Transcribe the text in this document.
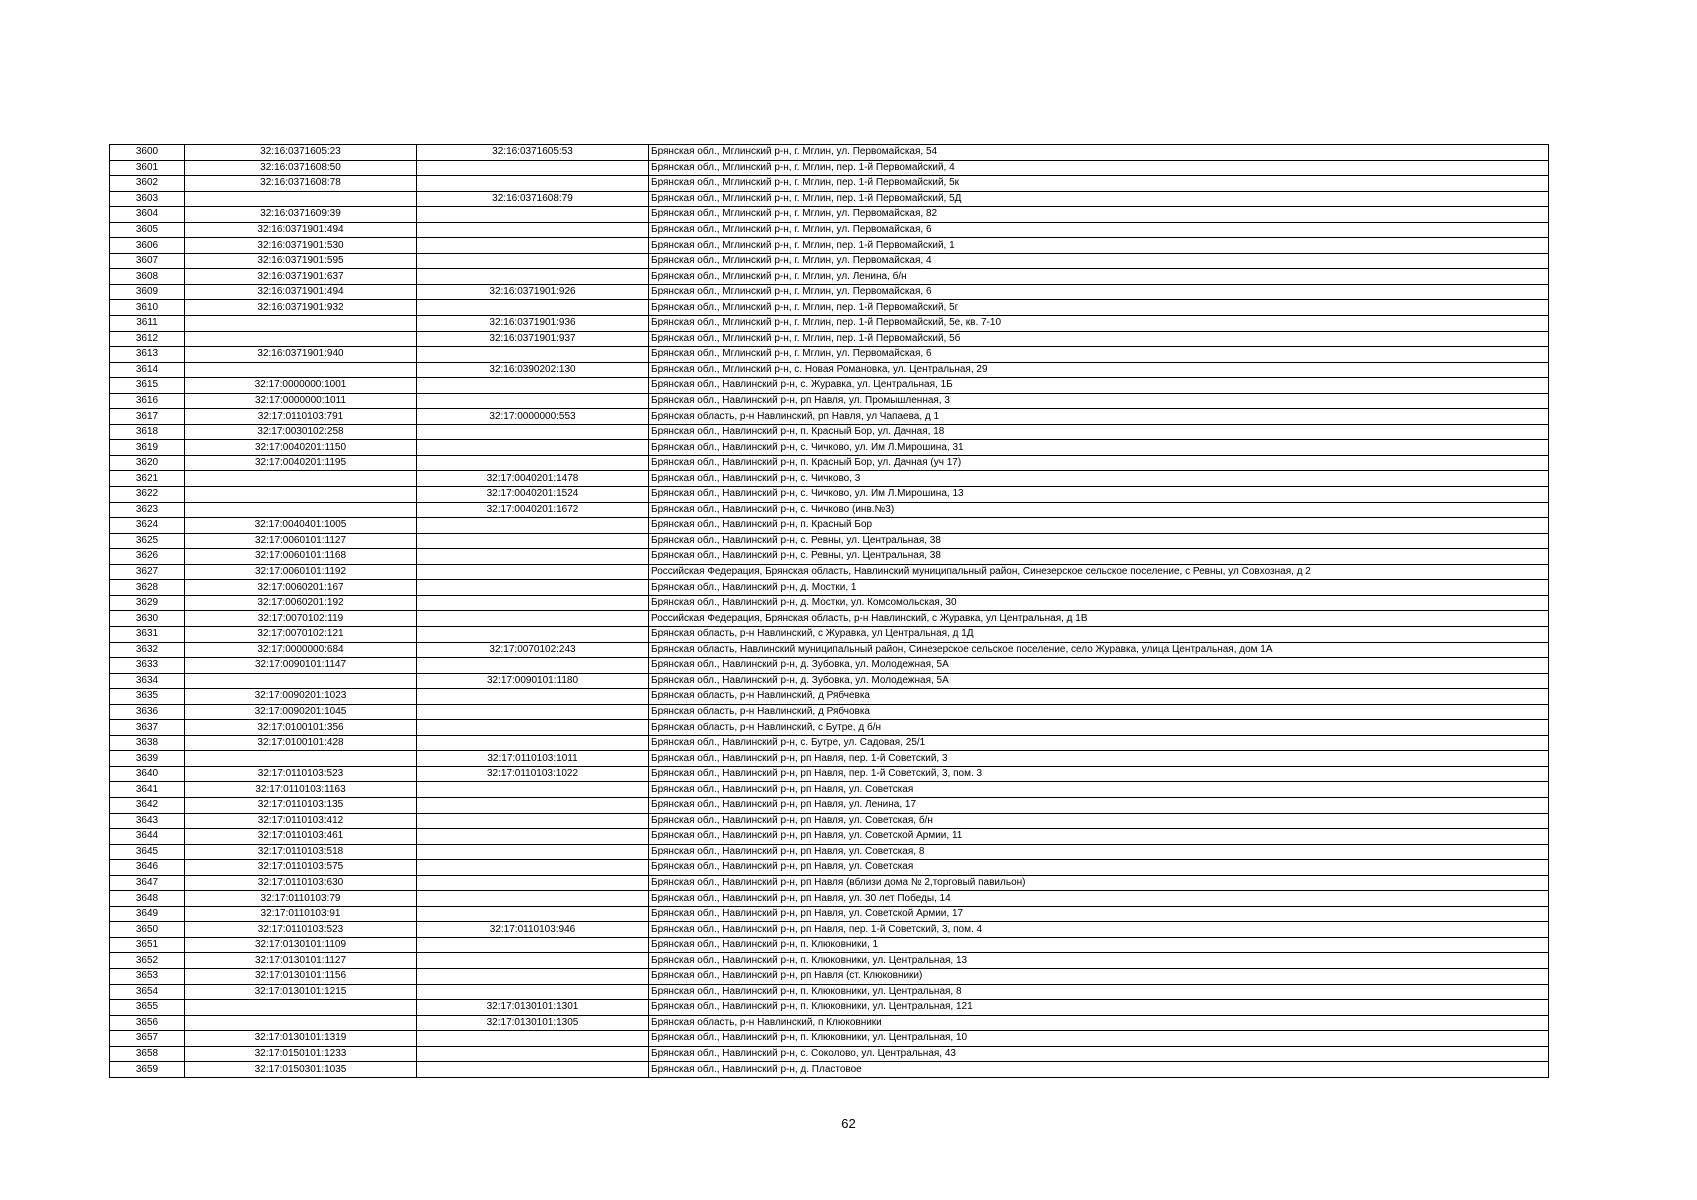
3600	32:16:0371605:23	32:16:0371605:53	Брянская обл., Мглинский р-н, г. Мглин, ул. Первомайская, 54
3601	32:16:0371608:50		Брянская обл., Мглинский р-н, г. Мглин, пер. 1-й Первомайский, 4
3602	32:16:0371608:78		Брянская обл., Мглинский р-н, г. Мглин, пер. 1-й Первомайский, 5к
3603		32:16:0371608:79	Брянская обл., Мглинский р-н, г. Мглин, пер. 1-й Первомайский, 5Д
3604	32:16:0371609:39		Брянская обл., Мглинский р-н, г. Мглин, ул. Первомайская, 82
3605	32:16:0371901:494		Брянская обл., Мглинский р-н, г. Мглин, ул. Первомайская, 6
3606	32:16:0371901:530		Брянская обл., Мглинский р-н, г. Мглин, пер. 1-й Первомайский, 1
3607	32:16:0371901:595		Брянская обл., Мглинский р-н, г. Мглин, ул. Первомайская, 4
3608	32:16:0371901:637		Брянская обл., Мглинский р-н, г. Мглин, ул. Ленина, б/н
3609	32:16:0371901:494	32:16:0371901:926	Брянская обл., Мглинский р-н, г. Мглин, ул. Первомайская, 6
3610	32:16:0371901:932		Брянская обл., Мглинский р-н, г. Мглин, пер. 1-й Первомайский, 5г
3611		32:16:0371901:936	Брянская обл., Мглинский р-н, г. Мглин, пер. 1-й Первомайский, 5е, кв. 7-10
3612		32:16:0371901:937	Брянская обл., Мглинский р-н, г. Мглин, пер. 1-й Первомайский, 5б
3613	32:16:0371901:940		Брянская обл., Мглинский р-н, г. Мглин, ул. Первомайская, 6
3614		32:16:0390202:130	Брянская обл., Мглинский р-н, с. Новая Романовка, ул. Центральная, 29
3615	32:17:0000000:1001		Брянская обл., Навлинский р-н, с. Журавка, ул. Центральная, 1Б
3616	32:17:0000000:1011		Брянская обл., Навлинский р-н, рп Навля, ул. Промышленная, 3
3617	32:17:0110103:791	32:17:0000000:553	Брянская область, р-н Навлинский, рп Навля, ул Чапаева, д 1
3618	32:17:0030102:258		Брянская обл., Навлинский р-н, п. Красный Бор, ул. Дачная, 18
3619	32:17:0040201:1150		Брянская обл., Навлинский р-н, с. Чичково, ул. Им Л.Мирошина, 31
3620	32:17:0040201:1195		Брянская обл., Навлинский р-н, п. Красный Бор, ул. Дачная (уч 17)
3621		32:17:0040201:1478	Брянская обл., Навлинский р-н, с. Чичково, 3
3622		32:17:0040201:1524	Брянская обл., Навлинский р-н, с. Чичково, ул. Им Л.Мирошина, 13
3623		32:17:0040201:1672	Брянская обл., Навлинский р-н, с. Чичково (инв.№3)
3624	32:17:0040401:1005		Брянская обл., Навлинский р-н, п. Красный Бор
3625	32:17:0060101:1127		Брянская обл., Навлинский р-н, с. Ревны, ул. Центральная, 38
3626	32:17:0060101:1168		Брянская обл., Навлинский р-н, с. Ревны, ул. Центральная, 38
3627	32:17:0060101:1192		Российская Федерация, Брянская область, Навлинский муниципальный район, Синезерское сельское поселение, с Ревны, ул Совхозная, д 2
3628	32:17:0060201:167		Брянская обл., Навлинский р-н, д. Мостки, 1
3629	32:17:0060201:192		Брянская обл., Навлинский р-н, д. Мостки, ул. Комсомольская, 30
3630	32:17:0070102:119		Российская Федерация, Брянская область, р-н Навлинский, с Журавка, ул Центральная, д 1В
3631	32:17:0070102:121		Брянская область, р-н Навлинский, с Журавка, ул Центральная, д 1Д
3632	32:17:0000000:684	32:17:0070102:243	Брянская область, Навлинский муниципальный район, Синезерское сельское поселение, село Журавка, улица Центральная, дом 1А
3633	32:17:0090101:1147		Брянская обл., Навлинский р-н, д. Зубовка, ул. Молодежная, 5А
3634		32:17:0090101:1180	Брянская обл., Навлинский р-н, д. Зубовка, ул. Молодежная, 5А
3635	32:17:0090201:1023		Брянская область, р-н Навлинский, д Рябчевка
3636	32:17:0090201:1045		Брянская область, р-н Навлинский, д Рябчовка
3637	32:17:0100101:356		Брянская область, р-н Навлинский, с Бутре, д б/н
3638	32:17:0100101:428		Брянская обл., Навлинский р-н, с. Бутре, ул. Садовая, 25/1
3639		32:17:0110103:1011	Брянская обл., Навлинский р-н, рп Навля, пер. 1-й Советский, 3
3640	32:17:0110103:523	32:17:0110103:1022	Брянская обл., Навлинский р-н, рп Навля, пер. 1-й Советский, 3, пом. 3
3641	32:17:0110103:1163		Брянская обл., Навлинский р-н, рп Навля, ул. Советская
3642	32:17:0110103:135		Брянская обл., Навлинский р-н, рп Навля, ул. Ленина, 17
3643	32:17:0110103:412		Брянская обл., Навлинский р-н, рп Навля, ул. Советская, б/н
3644	32:17:0110103:461		Брянская обл., Навлинский р-н, рп Навля, ул. Советской Армии, 11
3645	32:17:0110103:518		Брянская обл., Навлинский р-н, рп Навля, ул. Советская, 8
3646	32:17:0110103:575		Брянская обл., Навлинский р-н, рп Навля, ул. Советская
3647	32:17:0110103:630		Брянская обл., Навлинский р-н, рп Навля (вблизи дома № 2,торговый павильон)
3648	32:17:0110103:79		Брянская обл., Навлинский р-н, рп Навля, ул. 30 лет Победы, 14
3649	32:17:0110103:91		Брянская обл., Навлинский р-н, рп Навля, ул. Советской Армии, 17
3650	32:17:0110103:523	32:17:0110103:946	Брянская обл., Навлинский р-н, рп Навля, пер. 1-й Советский, 3, пом. 4
3651	32:17:0130101:1109		Брянская обл., Навлинский р-н, п. Клюковники, 1
3652	32:17:0130101:1127		Брянская обл., Навлинский р-н, п. Клюковники, ул. Центральная, 13
3653	32:17:0130101:1156		Брянская обл., Навлинский р-н, рп Навля (ст. Клюковники)
3654	32:17:0130101:1215		Брянская обл., Навлинский р-н, п. Клюковники, ул. Центральная, 8
3655		32:17:0130101:1301	Брянская обл., Навлинский р-н, п. Клюковники, ул. Центральная, 121
3656		32:17:0130101:1305	Брянская область, р-н Навлинский, п Клюковники
3657	32:17:0130101:1319		Брянская обл., Навлинский р-н, п. Клюковники, ул. Центральная, 10
3658	32:17:0150101:1233		Брянская обл., Навлинский р-н, с. Соколово, ул. Центральная, 43
3659	32:17:0150301:1035		Брянская обл., Навлинский р-н, д. Пластовое
62
